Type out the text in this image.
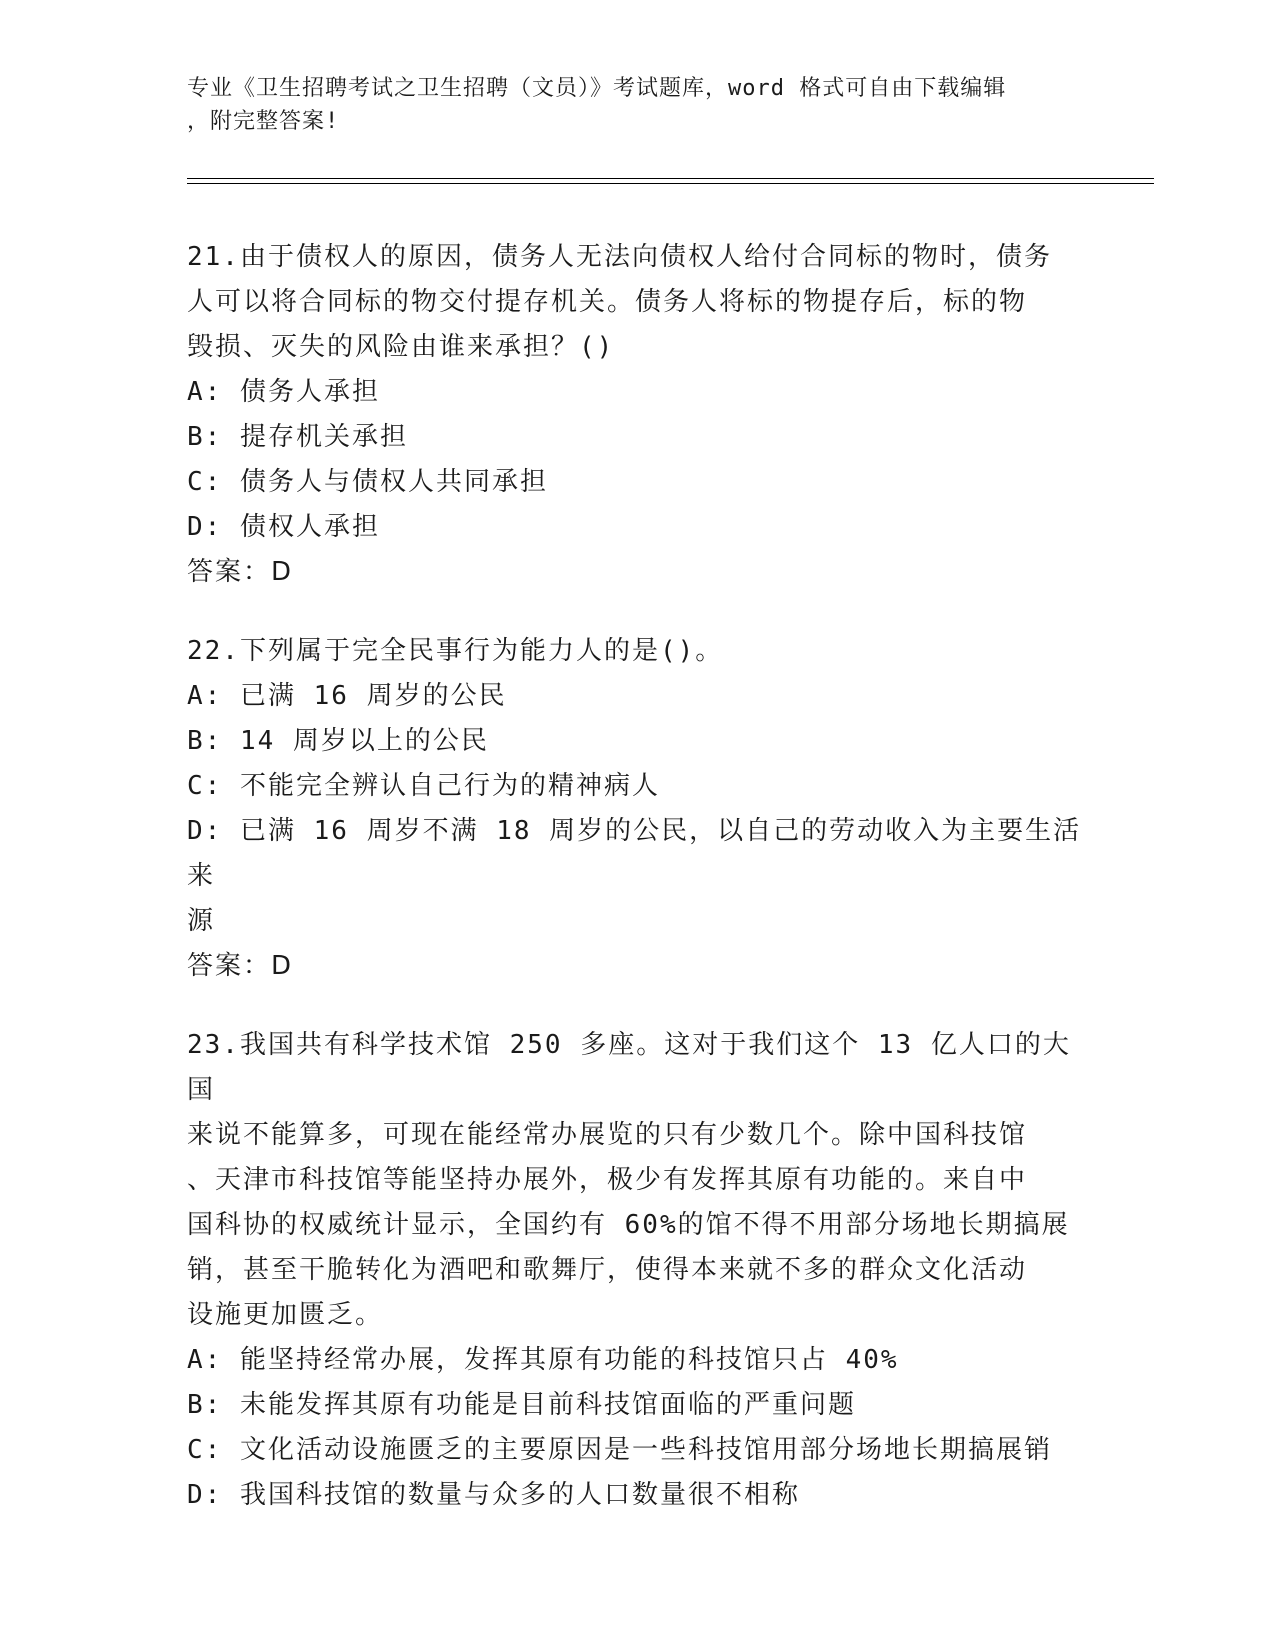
专业《卫生招聘考试之卫生招聘（文员）》考试题库，word 格式可自由下载编辑
，附完整答案!

21.由于债权人的原因，债务人无法向债权人给付合同标的物时，债务

人可以将合同标的物交付提存机关。债务人将标的物提存后，标的物

毁损、灭失的风险由谁来承担？()

A: 债务人承担

B: 提存机关承担

C: 债务人与债权人共同承担

D: 债权人承担

答案：D

22.下列属于完全民事行为能力人的是()。

A: 已满 16 周岁的公民

B: 14 周岁以上的公民

C: 不能完全辨认自己行为的精神病人

D: 已满 16 周岁不满 18 周岁的公民，以自己的劳动收入为主要生活来

源

答案：D

23.我国共有科学技术馆 250 多座。这对于我们这个 13 亿人口的大国

来说不能算多，可现在能经常办展览的只有少数几个。除中国科技馆

、天津市科技馆等能坚持办展外，极少有发挥其原有功能的。来自中

国科协的权威统计显示，全国约有 60%的馆不得不用部分场地长期搞展

销，甚至干脆转化为酒吧和歌舞厅，使得本来就不多的群众文化活动

设施更加匮乏。

A: 能坚持经常办展，发挥其原有功能的科技馆只占 40%

B: 未能发挥其原有功能是目前科技馆面临的严重问题

C: 文化活动设施匮乏的主要原因是一些科技馆用部分场地长期搞展销

D: 我国科技馆的数量与众多的人口数量很不相称
